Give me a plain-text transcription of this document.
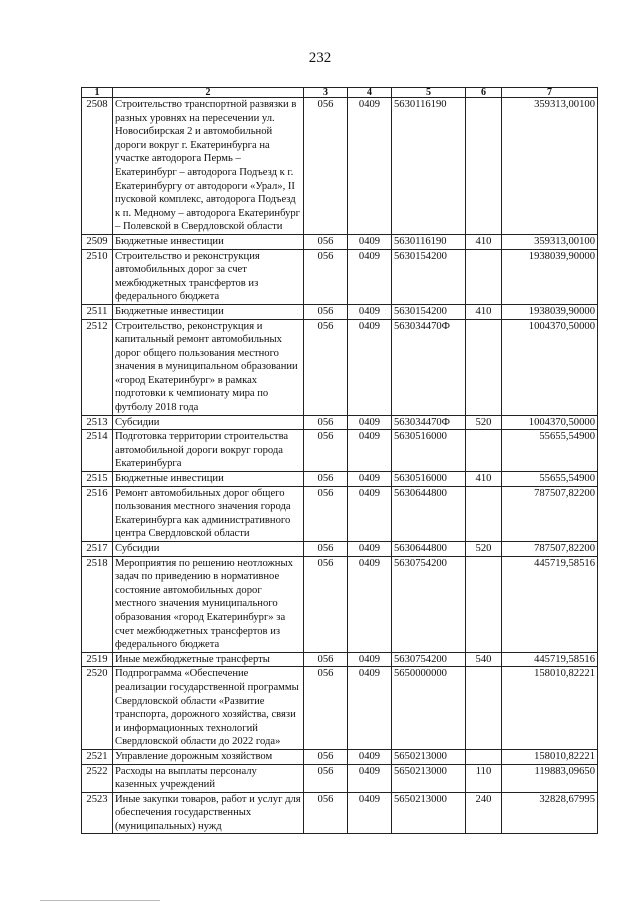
232
1	2	3	4	5	6	7
2508	Строительство транспортной развязки в разных уровнях на пересечении ул. Новосибирская 2 и автомобильной дороги вокруг г. Екатеринбурга на участке автодорога Пермь – Екатеринбург – автодорога Подъезд к г. Екатеринбургу от автодороги «Урал», II пусковой комплекс, автодорога Подъезд к п. Медному – автодорога Екатеринбург – Полевской в Свердловской области	056	0409	5630116190		359313,00100
2509	Бюджетные инвестиции	056	0409	5630116190	410	359313,00100
2510	Строительство и реконструкция автомобильных дорог за счет межбюджетных трансфертов из федерального бюджета	056	0409	5630154200		1938039,90000
2511	Бюджетные инвестиции	056	0409	5630154200	410	1938039,90000
2512	Строительство, реконструкция и капитальный ремонт автомобильных дорог общего пользования местного значения в муниципальном образовании «город Екатеринбург» в рамках подготовки к чемпионату мира по футболу 2018 года	056	0409	563034470Ф		1004370,50000
2513	Субсидии	056	0409	563034470Ф	520	1004370,50000
2514	Подготовка территории строительства автомобильной дороги вокруг города Екатеринбурга	056	0409	5630516000		55655,54900
2515	Бюджетные инвестиции	056	0409	5630516000	410	55655,54900
2516	Ремонт автомобильных дорог общего пользования местного значения города Екатеринбурга как административного центра Свердловской области	056	0409	5630644800		787507,82200
2517	Субсидии	056	0409	5630644800	520	787507,82200
2518	Мероприятия по решению неотложных задач по приведению в нормативное состояние автомобильных дорог местного значения муниципального образования «город Екатеринбург» за счет межбюджетных трансфертов из федерального бюджета	056	0409	5630754200		445719,58516
2519	Иные межбюджетные трансферты	056	0409	5630754200	540	445719,58516
2520	Подпрограмма «Обеспечение реализации государственной программы Свердловской области «Развитие транспорта, дорожного хозяйства, связи и информационных технологий Свердловской области до 2022 года»	056	0409	5650000000		158010,82221
2521	Управление дорожным хозяйством	056	0409	5650213000		158010,82221
2522	Расходы на выплаты персоналу казенных учреждений	056	0409	5650213000	110	119883,09650
2523	Иные закупки товаров, работ и услуг для обеспечения государственных (муниципальных) нужд	056	0409	5650213000	240	32828,67995
